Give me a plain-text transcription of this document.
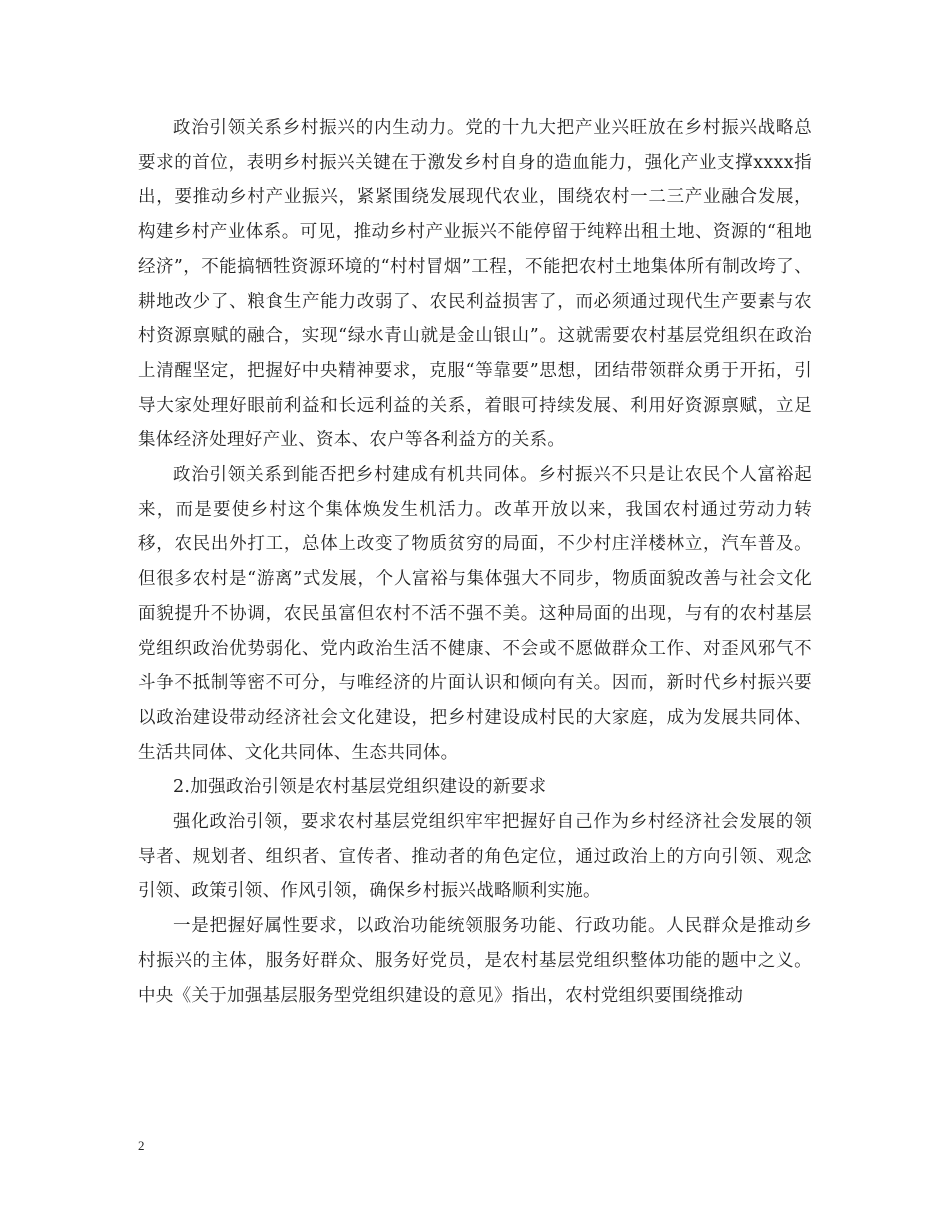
政治引领关系乡村振兴的内生动力。党的十九大把产业兴旺放在乡村振兴战略总要求的首位，表明乡村振兴关键在于激发乡村自身的造血能力，强化产业支撑xxxx指出，要推动乡村产业振兴，紧紧围绕发展现代农业，围绕农村一二三产业融合发展，构建乡村产业体系。可见，推动乡村产业振兴不能停留于纯粹出租土地、资源的“租地经济”，不能搞牺牲资源环境的“村村冒烟”工程，不能把农村土地集体所有制改垮了、耕地改少了、粮食生产能力改弱了、农民利益损害了，而必须通过现代生产要素与农村资源禀赋的融合，实现“绿水青山就是金山银山”。这就需要农村基层党组织在政治上清醒坚定，把握好中央精神要求，克服“等靠要”思想，团结带领群众勇于开拓，引导大家处理好眼前利益和长远利益的关系，着眼可持续发展、利用好资源禀赋，立足集体经济处理好产业、资本、农户等各利益方的关系。

政治引领关系到能否把乡村建成有机共同体。乡村振兴不只是让农民个人富裕起来，而是要使乡村这个集体焕发生机活力。改革开放以来，我国农村通过劳动力转移，农民出外打工，总体上改变了物质贫穷的局面，不少村庄洋楼林立，汽车普及。但很多农村是“游离”式发展，个人富裕与集体强大不同步，物质面貌改善与社会文化面貌提升不协调，农民虽富但农村不活不强不美。这种局面的出现，与有的农村基层党组织政治优势弱化、党内政治生活不健康、不会或不愿做群众工作、对歪风邪气不斗争不抵制等密不可分，与唯经济的片面认识和倾向有关。因而，新时代乡村振兴要以政治建设带动经济社会文化建设，把乡村建设成村民的大家庭，成为发展共同体、生活共同体、文化共同体、生态共同体。

2.加强政治引领是农村基层党组织建设的新要求

强化政治引领，要求农村基层党组织牢牢把握好自己作为乡村经济社会发展的领导者、规划者、组织者、宣传者、推动者的角色定位，通过政治上的方向引领、观念引领、政策引领、作风引领，确保乡村振兴战略顺利实施。

一是把握好属性要求，以政治功能统领服务功能、行政功能。人民群众是推动乡村振兴的主体，服务好群众、服务好党员，是农村基层党组织整体功能的题中之义。中央《关于加强基层服务型党组织建设的意见》指出，农村党组织要围绕推动

2
